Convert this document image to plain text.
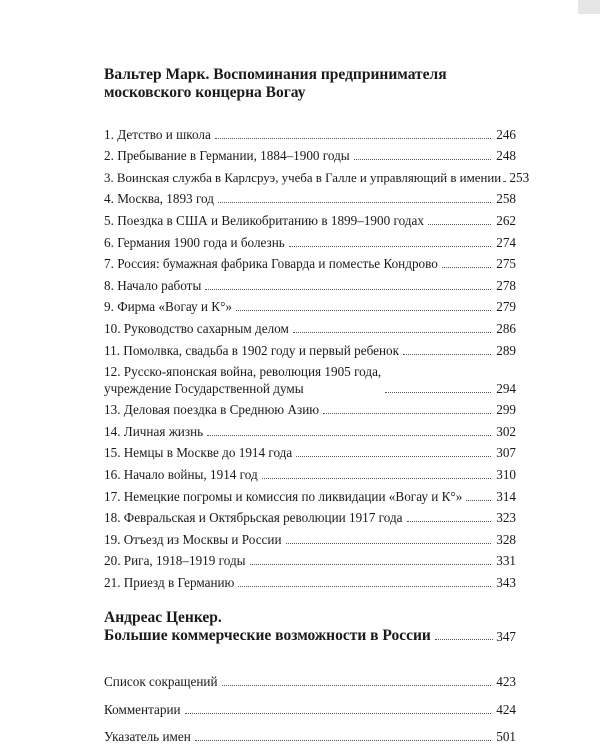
Вальтер Марк. Воспоминания предпринимателя
московского концерна Вогау
1. Детство и школа	246
2. Пребывание в Германии, 1884–1900 годы	248
3. Воинская служба в Карлсруэ, учеба в Галле и управляющий в имении 253
4. Москва, 1893 год	258
5. Поездка в США и Великобританию в 1899–1900 годах	262
6. Германия 1900 года и болезнь	274
7. Россия: бумажная фабрика Говарда и поместье Кондрово	275
8. Начало работы	278
9. Фирма «Вогау и К°»	279
10. Руководство сахарным делом	286
11. Помолвка, свадьба в 1902 году и первый ребенок	289
12. Русско-японская война, революция 1905 года,
учреждение Государственной думы	294
13. Деловая поездка в Среднюю Азию	299
14. Личная жизнь	302
15. Немцы в Москве до 1914 года	307
16. Начало войны, 1914 год	310
17. Немецкие погромы и комиссия по ликвидации «Вогау и К°»	314
18. Февральская и Октябрьская революции 1917 года	323
19. Отъезд из Москвы и России	328
20. Рига, 1918–1919 годы	331
21. Приезд в Германию	343
Андреас Ценкер.
Большие коммерческие возможности в России	347
Список сокращений	423
Комментарии	424
Указатель имен	501
